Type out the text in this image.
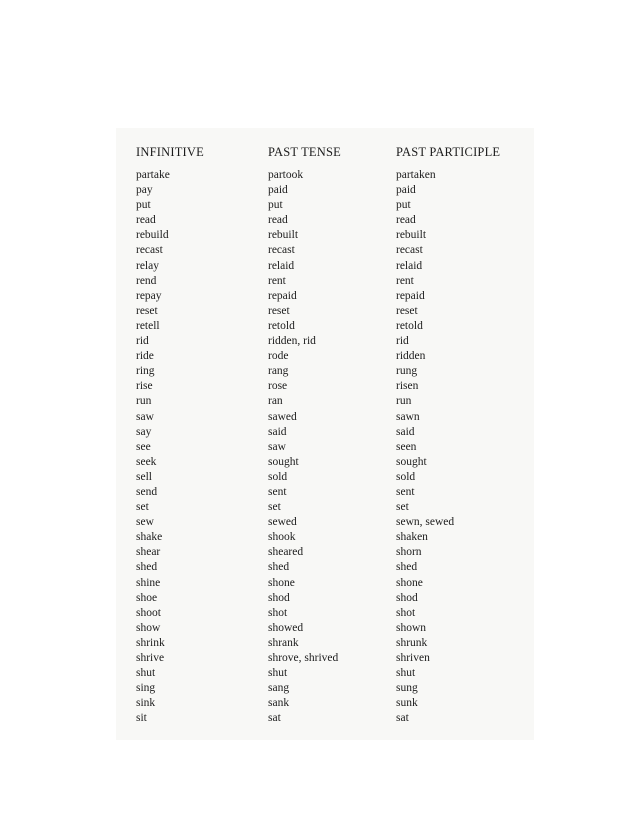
INFINITIVE	PAST TENSE	PAST PARTICIPLE
partake	partook	partaken
pay	paid	paid
put	put	put
read	read	read
rebuild	rebuilt	rebuilt
recast	recast	recast
relay	relaid	relaid
rend	rent	rent
repay	repaid	repaid
reset	reset	reset
retell	retold	retold
rid	ridden, rid	rid
ride	rode	ridden
ring	rang	rung
rise	rose	risen
run	ran	run
saw	sawed	sawn
say	said	said
see	saw	seen
seek	sought	sought
sell	sold	sold
send	sent	sent
set	set	set
sew	sewed	sewn, sewed
shake	shook	shaken
shear	sheared	shorn
shed	shed	shed
shine	shone	shone
shoe	shod	shod
shoot	shot	shot
show	showed	shown
shrink	shrank	shrunk
shrive	shrove, shrived	shriven
shut	shut	shut
sing	sang	sung
sink	sank	sunk
sit	sat	sat
